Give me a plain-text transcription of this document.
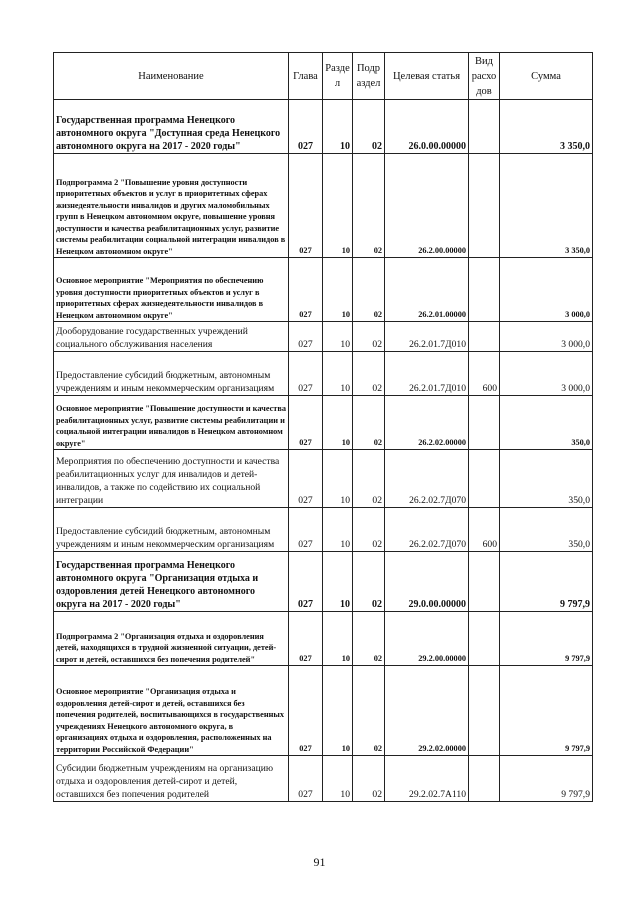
Наименование	Глава	Разде л	Подр аздел	Целевая статья	Вид расхо дов	Сумма
Государственная программа Ненецкого автономного округа "Доступная среда Ненецкого автономного округа на 2017 - 2020 годы"	027	10	02	26.0.00.00000		3 350,0
Подпрограмма 2 "Повышение уровня доступности приоритетных объектов и услуг в приоритетных сферах жизнедеятельности инвалидов и других маломобильных групп в Ненецком автономном округе, повышение уровня доступности и качества реабилитационных услуг, развитие системы реабилитации социальной интеграции инвалидов в Ненецком автономном округе"	027	10	02	26.2.00.00000		3 350,0
Основное мероприятие "Мероприятия по обеспечению уровня доступности приоритетных объектов и услуг в приоритетных сферах жизнедеятельности инвалидов в Ненецком автономном округе"	027	10	02	26.2.01.00000		3 000,0
Дооборудование государственных учреждений социального обслуживания населения	027	10	02	26.2.01.7Д010		3 000,0
Предоставление субсидий бюджетным, автономным учреждениям и иным некоммерческим организациям	027	10	02	26.2.01.7Д010	600	3 000,0
Основное мероприятие "Повышение доступности и качества реабилитационных услуг, развитие системы реабилитации и социальной интеграции инвалидов в Ненецком автономном округе"	027	10	02	26.2.02.00000		350,0
Мероприятия по обеспечению доступности и качества реабилитационных услуг для инвалидов и детей-инвалидов, а также по содействию их социальной интеграции	027	10	02	26.2.02.7Д070		350,0
Предоставление субсидий бюджетным, автономным учреждениям и иным некоммерческим организациям	027	10	02	26.2.02.7Д070	600	350,0
Государственная программа Ненецкого автономного округа "Организация отдыха и оздоровления детей Ненецкого автономного округа на 2017 - 2020 годы"	027	10	02	29.0.00.00000		9 797,9
Подпрограмма 2 "Организация отдыха и оздоровления детей, находящихся в трудной жизненной ситуации, детей-сирот и детей, оставшихся без попечения родителей"	027	10	02	29.2.00.00000		9 797,9
Основное мероприятие "Организация отдыха и оздоровления детей-сирот и детей, оставшихся без попечения родителей, воспитывающихся в государственных учреждениях Ненецкого автономного округа, в организациях отдыха и оздоровления, расположенных на территории Российской Федерации"	027	10	02	29.2.02.00000		9 797,9
Субсидии бюджетным учреждениям на организацию отдыха и оздоровления детей-сирот и детей, оставшихся без попечения родителей	027	10	02	29.2.02.7А110		9 797,9
91
